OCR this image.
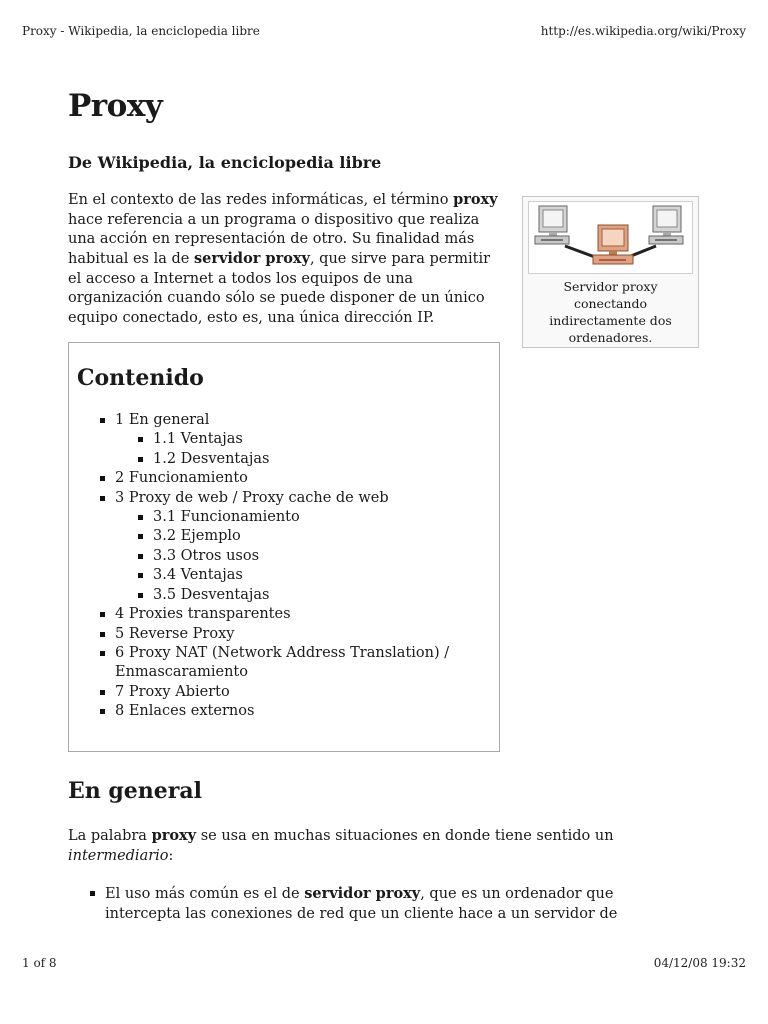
Proxy - Wikipedia, la enciclopedia libre	http://es.wikipedia.org/wiki/Proxy
Proxy
De Wikipedia, la enciclopedia libre

En el contexto de las redes informáticas, el término proxy hace referencia a un programa o dispositivo que realiza una acción en representación de otro. Su finalidad más habitual es la de servidor proxy, que sirve para permitir el acceso a Internet a todos los equipos de una organización cuando sólo se puede disponer de un único equipo conectado, esto es, una única dirección IP.

Servidor proxy conectando indirectamente dos ordenadores.
Contenido
1 En general
1.1 Ventajas
1.2 Desventajas
2 Funcionamiento
3 Proxy de web / Proxy cache de web
3.1 Funcionamiento
3.2 Ejemplo
3.3 Otros usos
3.4 Ventajas
3.5 Desventajas
4 Proxies transparentes
5 Reverse Proxy
6 Proxy NAT (Network Address Translation) / Enmascaramiento
7 Proxy Abierto
8 Enlaces externos
En general

La palabra proxy se usa en muchas situaciones en donde tiene sentido un intermediario:

El uso más común es el de servidor proxy, que es un ordenador que intercepta las conexiones de red que un cliente hace a un servidor de
1 of 8	04/12/08 19:32
